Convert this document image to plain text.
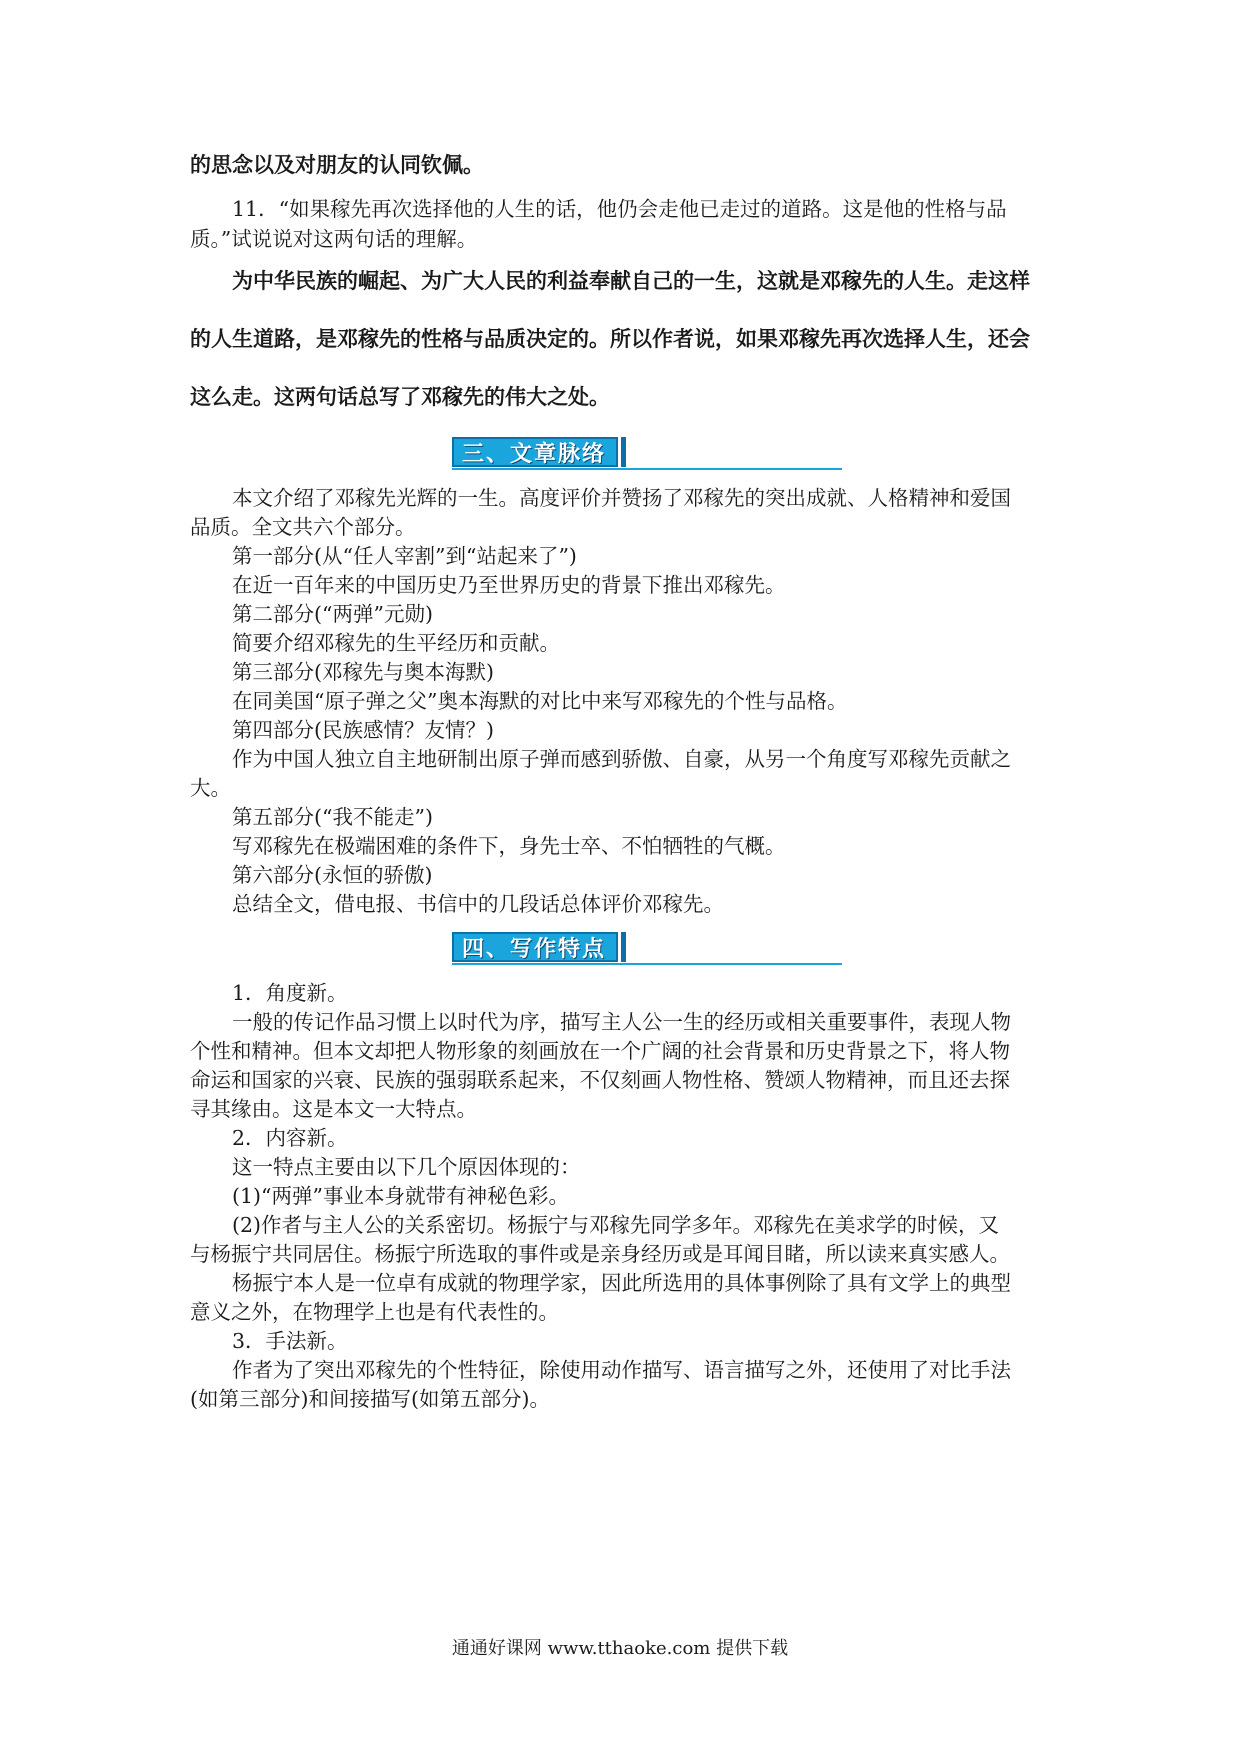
的思念以及对朋友的认同钦佩。
11．“如果稼先再次选择他的人生的话，他仍会走他已走过的道路。这是他的性格与品
质。”试说说对这两句话的理解。
为中华民族的崛起、为广大人民的利益奉献自己的一生，这就是邓稼先的人生。走这样
的人生道路，是邓稼先的性格与品质决定的。所以作者说，如果邓稼先再次选择人生，还会
这么走。这两句话总写了邓稼先的伟大之处。
三、文章脉络
本文介绍了邓稼先光辉的一生。高度评价并赞扬了邓稼先的突出成就、人格精神和爱国
品质。全文共六个部分。
第一部分(从“任人宰割”到“站起来了”)
在近一百年来的中国历史乃至世界历史的背景下推出邓稼先。
第二部分(“两弹”元勋)
简要介绍邓稼先的生平经历和贡献。
第三部分(邓稼先与奥本海默)
在同美国“原子弹之父”奥本海默的对比中来写邓稼先的个性与品格。
第四部分(民族感情？友情？)
作为中国人独立自主地研制出原子弹而感到骄傲、自豪，从另一个角度写邓稼先贡献之
大。
第五部分(“我不能走”)
写邓稼先在极端困难的条件下，身先士卒、不怕牺牲的气概。
第六部分(永恒的骄傲)
总结全文，借电报、书信中的几段话总体评价邓稼先。
四、写作特点
1．角度新。
一般的传记作品习惯上以时代为序，描写主人公一生的经历或相关重要事件，表现人物
个性和精神。但本文却把人物形象的刻画放在一个广阔的社会背景和历史背景之下，将人物
命运和国家的兴衰、民族的强弱联系起来，不仅刻画人物性格、赞颂人物精神，而且还去探
寻其缘由。这是本文一大特点。
2．内容新。
这一特点主要由以下几个原因体现的：
(1)“两弹”事业本身就带有神秘色彩。
(2)作者与主人公的关系密切。杨振宁与邓稼先同学多年。邓稼先在美求学的时候，又
与杨振宁共同居住。杨振宁所选取的事件或是亲身经历或是耳闻目睹，所以读来真实感人。
杨振宁本人是一位卓有成就的物理学家，因此所选用的具体事例除了具有文学上的典型
意义之外，在物理学上也是有代表性的。
3．手法新。
作者为了突出邓稼先的个性特征，除使用动作描写、语言描写之外，还使用了对比手法
(如第三部分)和间接描写(如第五部分)。
通通好课网 www.tthaoke.com 提供下载
